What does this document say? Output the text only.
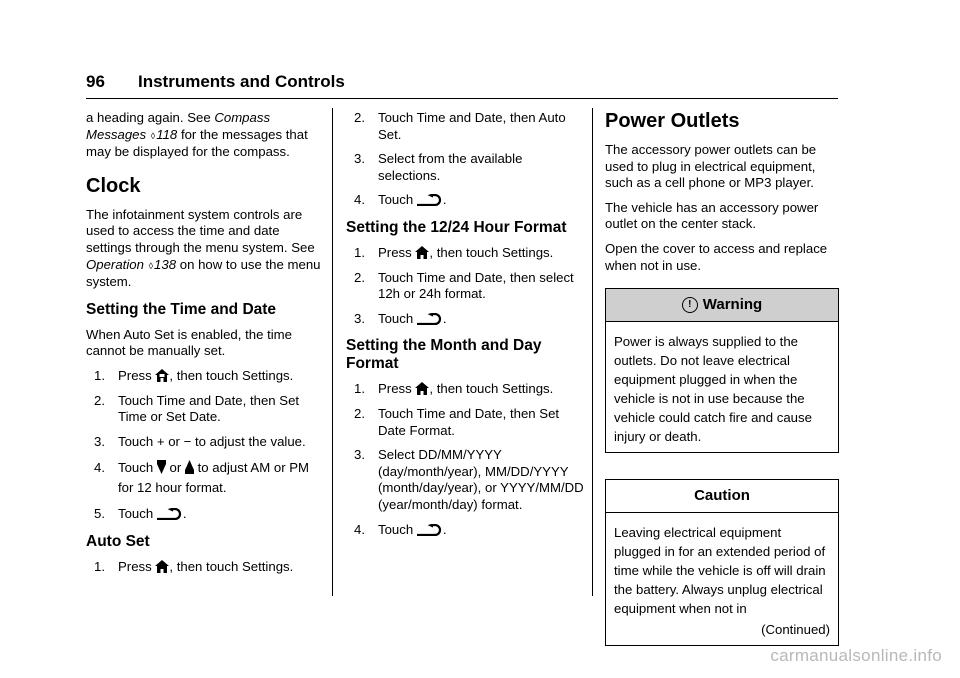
96 Instruments and Controls

a heading again. See Compass Messages ◊118 for the messages that may be displayed for the compass.

Clock

The infotainment system controls are used to access the time and date settings through the menu system. See Operation ◊138 on how to use the menu system.

Setting the Time and Date

When Auto Set is enabled, the time cannot be manually set.

1. Press , then touch Settings.
2. Touch Time and Date, then Set Time or Set Date.
3. Touch + or − to adjust the value.
4. Touch or to adjust AM or PM for 12 hour format.
5. Touch .
Auto Set
1. Press , then touch Settings.
2. Touch Time and Date, then Auto Set.
3. Select from the available selections.
4. Touch .
Setting the 12/24 Hour Format
1. Press , then touch Settings.
2. Touch Time and Date, then select 12h or 24h format.
3. Touch .
Setting the Month and Day Format
1. Press , then touch Settings.
2. Touch Time and Date, then Set Date Format.
3. Select DD/MM/YYYY (day/month/year), MM/DD/YYYY (month/day/year), or YYYY/MM/DD (year/month/day) format.
4. Touch .
Power Outlets

The accessory power outlets can be used to plug in electrical equipment, such as a cell phone or MP3 player.

The vehicle has an accessory power outlet on the center stack.

Open the cover to access and replace when not in use.

! Warning
Power is always supplied to the outlets. Do not leave electrical equipment plugged in when the vehicle is not in use because the vehicle could catch fire and cause injury or death.
Caution
Leaving electrical equipment plugged in for an extended period of time while the vehicle is off will drain the battery. Always unplug electrical equipment when not in
(Continued)
carmanualsonline.info
